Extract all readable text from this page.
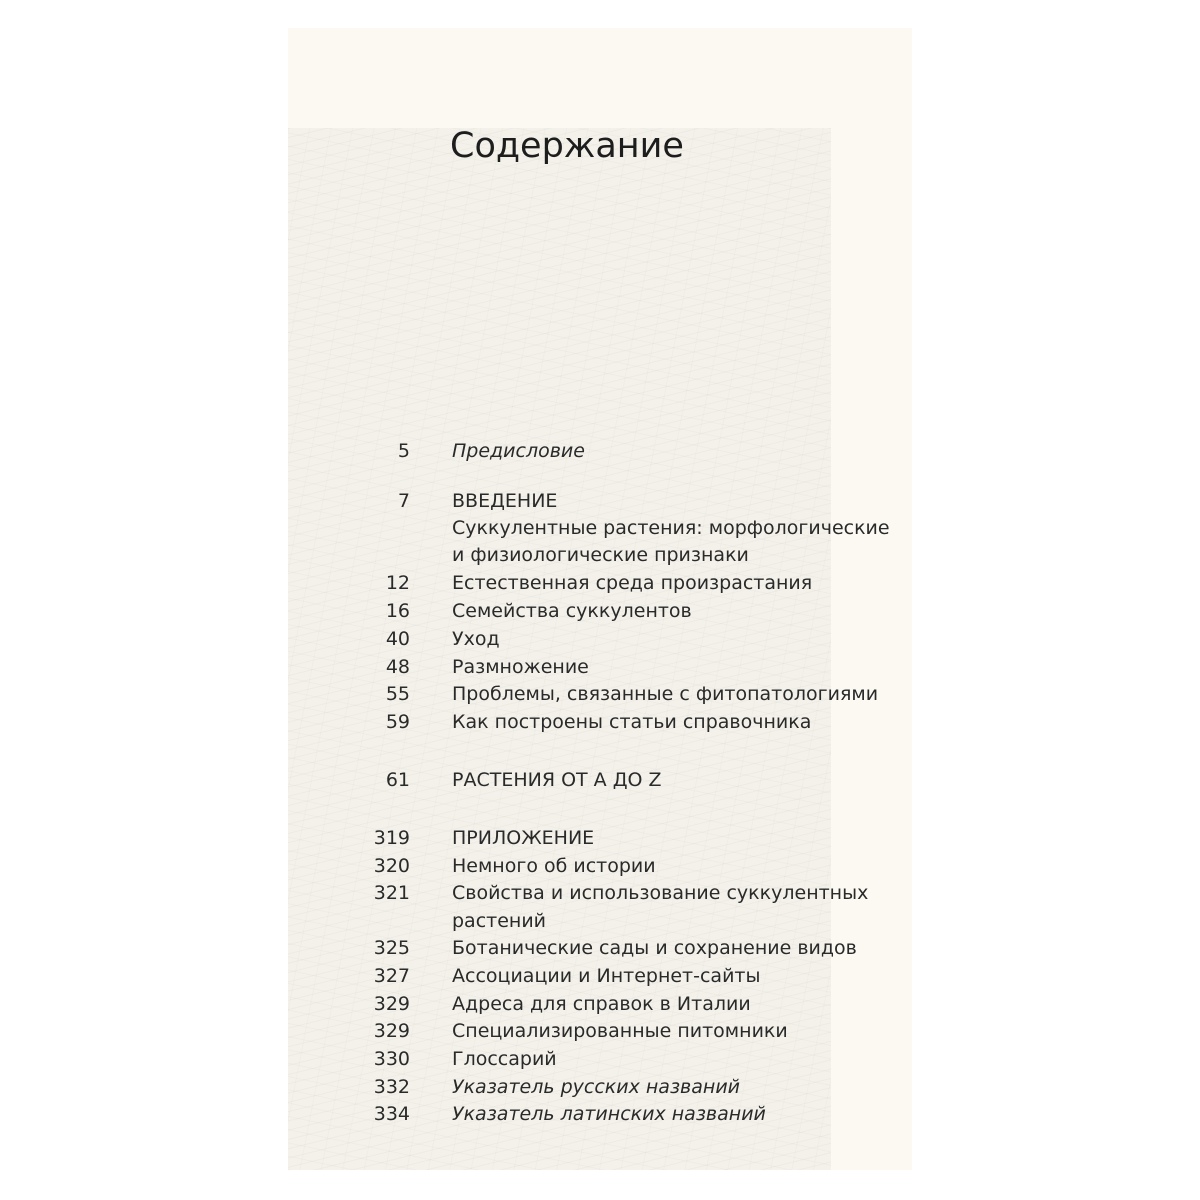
Содержание
5 Предисловие
7 ВВЕДЕНИЕ
Суккулентные растения: морфологические
и физиологические признаки
12 Естественная среда произрастания
16 Семейства суккулентов
40 Уход
48 Размножение
55 Проблемы, связанные с фитопатологиями
59 Как построены статьи справочника
61 РАСТЕНИЯ ОТ А ДО Z
319 ПРИЛОЖЕНИЕ
320 Немного об истории
321 Свойства и использование суккулентных
растений
325 Ботанические сады и сохранение видов
327 Ассоциации и Интернет-сайты
329 Адреса для справок в Италии
329 Специализированные питомники
330 Глоссарий
332 Указатель русских названий
334 Указатель латинских названий
